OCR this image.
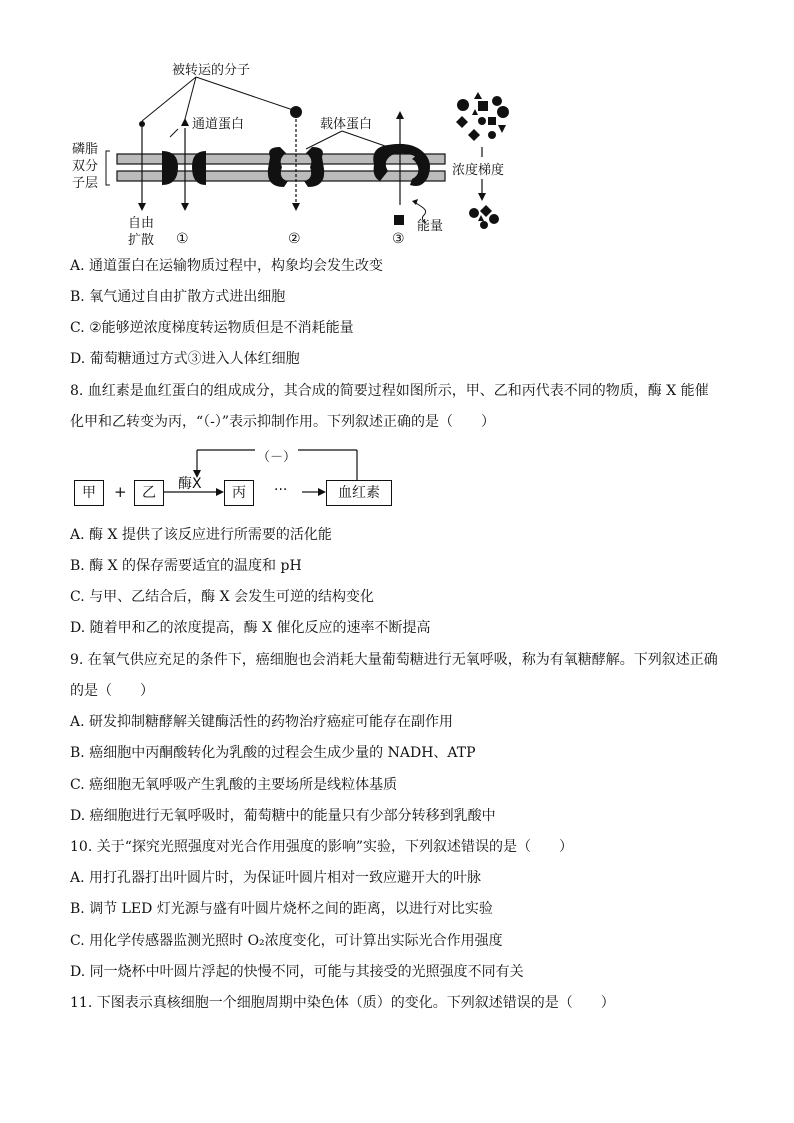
被转运的分子
通道蛋白	载体蛋白
磷脂双分子层
浓度梯度
能量
自由扩散 ①	②	③
A. 通道蛋白在运输物质过程中，构象均会发生改变
B. 氧气通过自由扩散方式进出细胞
C. ②能够逆浓度梯度转运物质但是不消耗能量
D. 葡萄糖通过方式③进入人体红细胞
8. 血红素是血红蛋白的组成成分，其合成的简要过程如图所示，甲、乙和丙代表不同的物质，酶 X 能催
化甲和乙转变为丙，“（-）”表示抑制作用。下列叙述正确的是（　　）
甲	+	乙
酶X
丙	···	血红素
（－）
A. 酶 X 提供了该反应进行所需要的活化能
B. 酶 X 的保存需要适宜的温度和 pH
C. 与甲、乙结合后，酶 X 会发生可逆的结构变化
D. 随着甲和乙的浓度提高，酶 X 催化反应的速率不断提高
9. 在氧气供应充足的条件下，癌细胞也会消耗大量葡萄糖进行无氧呼吸，称为有氧糖酵解。下列叙述正确
的是（　　）
A. 研发抑制糖酵解关键酶活性的药物治疗癌症可能存在副作用
B. 癌细胞中丙酮酸转化为乳酸的过程会生成少量的 NADH、ATP
C. 癌细胞无氧呼吸产生乳酸的主要场所是线粒体基质
D. 癌细胞进行无氧呼吸时，葡萄糖中的能量只有少部分转移到乳酸中
10. 关于“探究光照强度对光合作用强度的影响”实验，下列叙述错误的是（　　）
A. 用打孔器打出叶圆片时，为保证叶圆片相对一致应避开大的叶脉
B. 调节 LED 灯光源与盛有叶圆片烧杯之间的距离，以进行对比实验
C. 用化学传感器监测光照时 O₂浓度变化，可计算出实际光合作用强度
D. 同一烧杯中叶圆片浮起的快慢不同，可能与其接受的光照强度不同有关
11. 下图表示真核细胞一个细胞周期中染色体（质）的变化。下列叙述错误的是（　　）
